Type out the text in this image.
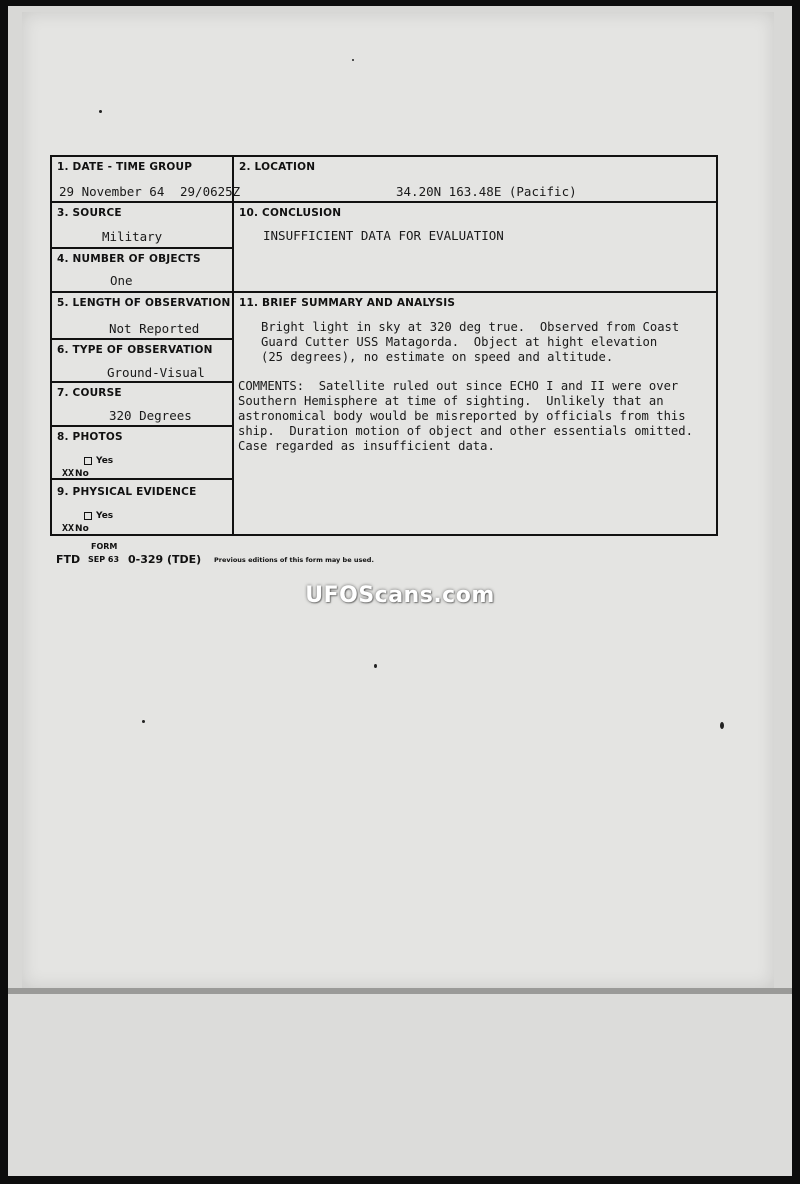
1. DATE - TIME GROUP
29 November 64 29/0625Z
2. LOCATION
34.20N 163.48E (Pacific)
3. SOURCE
Military
4. NUMBER OF OBJECTS
One
5. LENGTH OF OBSERVATION
Not Reported
6. TYPE OF OBSERVATION
Ground-Visual
7. COURSE
320 Degrees
8. PHOTOS
Yes
XXNo
9. PHYSICAL EVIDENCE
Yes
XXNo
10. CONCLUSION
INSUFFICIENT DATA FOR EVALUATION
11. BRIEF SUMMARY AND ANALYSIS
Bright light in sky at 320 deg true.  Observed from Coast
Guard Cutter USS Matagorda.  Object at hight elevation
(25 degrees), no estimate on speed and altitude.
COMMENTS:  Satellite ruled out since ECHO I and II were over
Southern Hemisphere at time of sighting.  Unlikely that an
astronomical body would be misreported by officials from this
ship.  Duration motion of object and other essentials omitted.
Case regarded as insufficient data.
FORM
FTD SEP 63 0-329 (TDE) Previous editions of this form may be used.
UFOScans.com
